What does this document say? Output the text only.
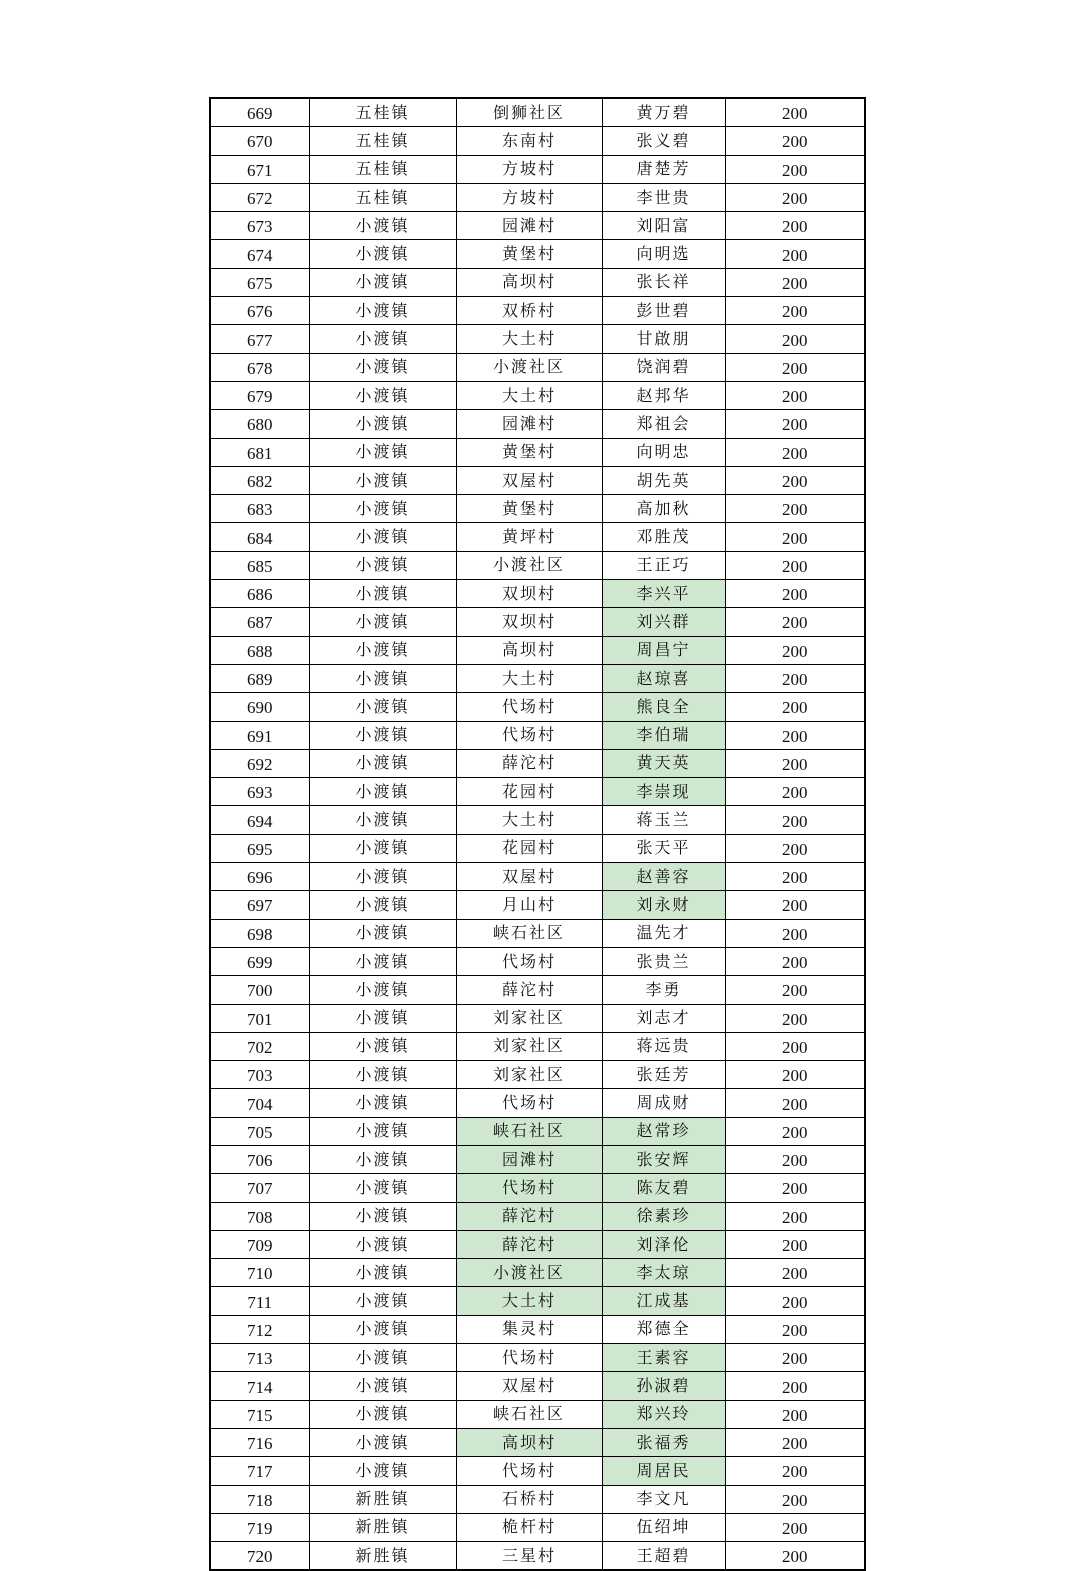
669	五桂镇	倒狮社区	黄万碧	200
670	五桂镇	东南村	张义碧	200
671	五桂镇	方坡村	唐楚芳	200
672	五桂镇	方坡村	李世贵	200
673	小渡镇	园滩村	刘阳富	200
674	小渡镇	黄堡村	向明选	200
675	小渡镇	高坝村	张长祥	200
676	小渡镇	双桥村	彭世碧	200
677	小渡镇	大土村	甘啟朋	200
678	小渡镇	小渡社区	饶润碧	200
679	小渡镇	大土村	赵邦华	200
680	小渡镇	园滩村	郑祖会	200
681	小渡镇	黄堡村	向明忠	200
682	小渡镇	双屋村	胡先英	200
683	小渡镇	黄堡村	高加秋	200
684	小渡镇	黄坪村	邓胜茂	200
685	小渡镇	小渡社区	王正巧	200
686	小渡镇	双坝村	李兴平	200
687	小渡镇	双坝村	刘兴群	200
688	小渡镇	高坝村	周昌宁	200
689	小渡镇	大土村	赵琼喜	200
690	小渡镇	代场村	熊良全	200
691	小渡镇	代场村	李伯瑞	200
692	小渡镇	薛沱村	黄天英	200
693	小渡镇	花园村	李崇现	200
694	小渡镇	大土村	蒋玉兰	200
695	小渡镇	花园村	张天平	200
696	小渡镇	双屋村	赵善容	200
697	小渡镇	月山村	刘永财	200
698	小渡镇	峡石社区	温先才	200
699	小渡镇	代场村	张贵兰	200
700	小渡镇	薛沱村	李勇	200
701	小渡镇	刘家社区	刘志才	200
702	小渡镇	刘家社区	蒋远贵	200
703	小渡镇	刘家社区	张廷芳	200
704	小渡镇	代场村	周成财	200
705	小渡镇	峡石社区	赵常珍	200
706	小渡镇	园滩村	张安辉	200
707	小渡镇	代场村	陈友碧	200
708	小渡镇	薛沱村	徐素珍	200
709	小渡镇	薛沱村	刘泽伦	200
710	小渡镇	小渡社区	李太琼	200
711	小渡镇	大土村	江成基	200
712	小渡镇	集灵村	郑德全	200
713	小渡镇	代场村	王素容	200
714	小渡镇	双屋村	孙淑碧	200
715	小渡镇	峡石社区	郑兴玲	200
716	小渡镇	高坝村	张福秀	200
717	小渡镇	代场村	周居民	200
718	新胜镇	石桥村	李文凡	200
719	新胜镇	桅杆村	伍绍坤	200
720	新胜镇	三星村	王超碧	200
